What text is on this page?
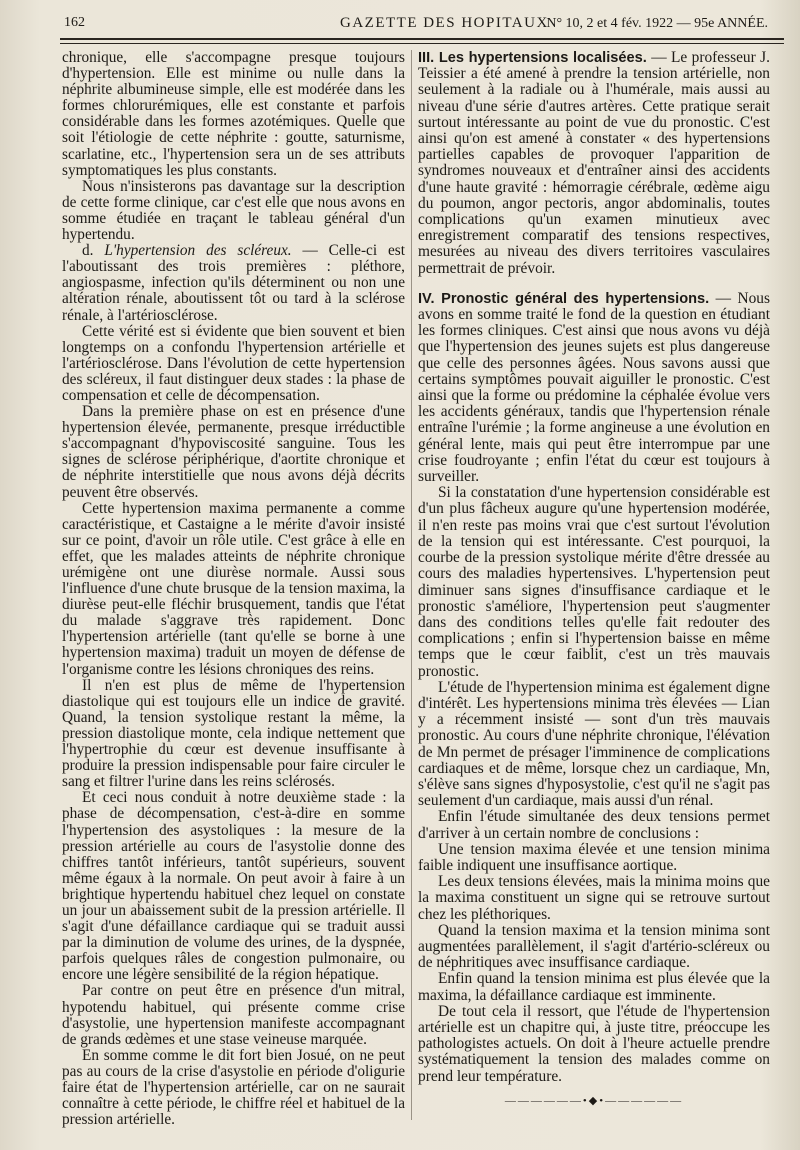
162	GAZETTE DES HOPITAUX
N° 10, 2 et 4 fév. 1922 — 95e ANNÉE.

chronique, elle s'accompagne presque toujours d'hypertension. Elle est minime ou nulle dans la néphrite albumineuse simple, elle est modérée dans les formes chlorurémiques, elle est constante et parfois considérable dans les formes azotémiques. Quelle que soit l'étiologie de cette néphrite : goutte, saturnisme, scarlatine, etc., l'hypertension sera un de ses attributs symptomatiques les plus constants.

Nous n'insisterons pas davantage sur la description de cette forme clinique, car c'est elle que nous avons en somme étudiée en traçant le tableau général d'un hypertendu.

d. L'hypertension des scléreux. — Celle-ci est l'aboutissant des trois premières : pléthore, angiospasme, infection qu'ils déterminent ou non une altération rénale, aboutissent tôt ou tard à la sclérose rénale, à l'artériosclérose.

Cette vérité est si évidente que bien souvent et bien longtemps on a confondu l'hypertension artérielle et l'artériosclérose. Dans l'évolution de cette hypertension des scléreux, il faut distinguer deux stades : la phase de compensation et celle de décompensation.

Dans la première phase on est en présence d'une hypertension élevée, permanente, presque irréductible s'accompagnant d'hypoviscosité sanguine. Tous les signes de sclérose périphérique, d'aortite chronique et de néphrite interstitielle que nous avons déjà décrits peuvent être observés.

Cette hypertension maxima permanente a comme caractéristique, et Castaigne a le mérite d'avoir insisté sur ce point, d'avoir un rôle utile. C'est grâce à elle en effet, que les malades atteints de néphrite chronique urémigène ont une diurèse normale. Aussi sous l'influence d'une chute brusque de la tension maxima, la diurèse peut-elle fléchir brusquement, tandis que l'état du malade s'aggrave très rapidement. Donc l'hypertension artérielle (tant qu'elle se borne à une hypertension maxima) traduit un moyen de défense de l'organisme contre les lésions chroniques des reins.

Il n'en est plus de même de l'hypertension diastolique qui est toujours elle un indice de gravité. Quand, la tension systolique restant la même, la pression diastolique monte, cela indique nettement que l'hypertrophie du cœur est devenue insuffisante à produire la pression indispensable pour faire circuler le sang et filtrer l'urine dans les reins sclérosés.

Et ceci nous conduit à notre deuxième stade : la phase de décompensation, c'est-à-dire en somme l'hypertension des asystoliques : la mesure de la pression artérielle au cours de l'asystolie donne des chiffres tantôt inférieurs, tantôt supérieurs, souvent même égaux à la normale. On peut avoir à faire à un brightique hypertendu habituel chez lequel on constate un jour un abaissement subit de la pression artérielle. Il s'agit d'une défaillance cardiaque qui se traduit aussi par la diminution de volume des urines, de la dyspnée, parfois quelques râles de congestion pulmonaire, ou encore une légère sensibilité de la région hépatique.

Par contre on peut être en présence d'un mitral, hypotendu habituel, qui présente comme crise d'asystolie, une hypertension manifeste accompagnant de grands œdèmes et une stase veineuse marquée.

En somme comme le dit fort bien Josué, on ne peut pas au cours de la crise d'asystolie en période d'oligurie faire état de l'hypertension artérielle, car on ne saurait connaître à cette période, le chiffre réel et habituel de la pression artérielle.

III. Les hypertensions localisées. — Le professeur J. Teissier a été amené à prendre la tension artérielle, non seulement à la radiale ou à l'humérale, mais aussi au niveau d'une série d'autres artères. Cette pratique serait surtout intéressante au point de vue du pronostic. C'est ainsi qu'on est amené à constater « des hypertensions partielles capables de provoquer l'apparition de syndromes nouveaux et d'entraîner ainsi des accidents d'une haute gravité : hémorragie cérébrale, œdème aigu du poumon, angor pectoris, angor abdominalis, toutes complications qu'un examen minutieux avec enregistrement comparatif des tensions respectives, mesurées au niveau des divers territoires vasculaires permettrait de prévoir.

IV. Pronostic général des hypertensions. — Nous avons en somme traité le fond de la question en étudiant les formes cliniques. C'est ainsi que nous avons vu déjà que l'hypertension des jeunes sujets est plus dangereuse que celle des personnes âgées. Nous savons aussi que certains symptômes pouvait aiguiller le pronostic. C'est ainsi que la forme ou prédomine la céphalée évolue vers les accidents généraux, tandis que l'hypertension rénale entraîne l'urémie ; la forme angineuse a une évolution en général lente, mais qui peut être interrompue par une crise foudroyante ; enfin l'état du cœur est toujours à surveiller.

Si la constatation d'une hypertension considérable est d'un plus fâcheux augure qu'une hypertension modérée, il n'en reste pas moins vrai que c'est surtout l'évolution de la tension qui est intéressante. C'est pourquoi, la courbe de la pression systolique mérite d'être dressée au cours des maladies hypertensives. L'hypertension peut diminuer sans signes d'insuffisance cardiaque et le pronostic s'améliore, l'hypertension peut s'augmenter dans des conditions telles qu'elle fait redouter des complications ; enfin si l'hypertension baisse en même temps que le cœur faiblit, c'est un très mauvais pronostic.

L'étude de l'hypertension minima est également digne d'intérêt. Les hypertensions minima très élevées — Lian y a récemment insisté — sont d'un très mauvais pronostic. Au cours d'une néphrite chronique, l'élévation de Mn permet de présager l'imminence de complications cardiaques et de même, lorsque chez un cardiaque, Mn, s'élève sans signes d'hyposystolie, c'est qu'il ne s'agit pas seulement d'un cardiaque, mais aussi d'un rénal.

Enfin l'étude simultanée des deux tensions permet d'arriver à un certain nombre de conclusions :

Une tension maxima élevée et une tension minima faible indiquent une insuffisance aortique.

Les deux tensions élevées, mais la minima moins que la maxima constituent un signe qui se retrouve surtout chez les pléthoriques.

Quand la tension maxima et la tension minima sont augmentées parallèlement, il s'agit d'artério-scléreux ou de néphritiques avec insuffisance cardiaque.

Enfin quand la tension minima est plus élevée que la maxima, la défaillance cardiaque est imminente.

De tout cela il ressort, que l'étude de l'hypertension artérielle est un chapitre qui, à juste titre, préoccupe les pathologistes actuels. On doit à l'heure actuelle prendre systématiquement la tension des malades comme on prend leur température.

——————•◆•——————
